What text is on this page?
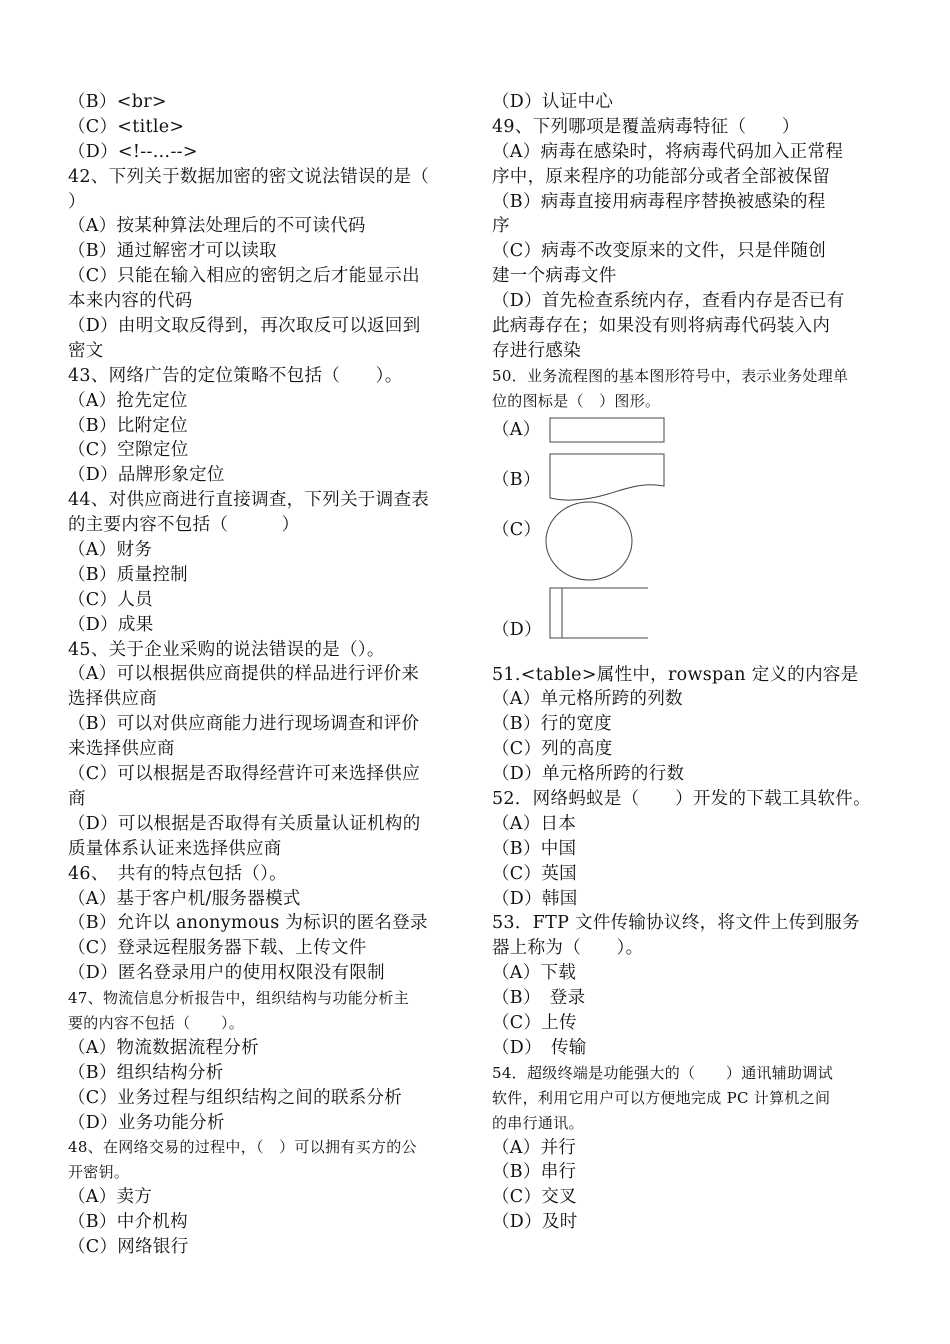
（B）<br>
（C）<title>
（D）<!--…-->
42、下列关于数据加密的密文说法错误的是（
）
（A）按某种算法处理后的不可读代码
（B）通过解密才可以读取
（C）只能在输入相应的密钥之后才能显示出
本来内容的代码
（D）由明文取反得到，再次取反可以返回到
密文
43、网络广告的定位策略不包括（　　）。
（A）抢先定位
（B）比附定位
（C）空隙定位
（D）品牌形象定位
44、对供应商进行直接调查，下列关于调查表
的主要内容不包括（　　　）
（A）财务
（B）质量控制
（C）人员
（D）成果
45、关于企业采购的说法错误的是（）。
（A）可以根据供应商提供的样品进行评价来
选择供应商
（B）可以对供应商能力进行现场调查和评价
来选择供应商
（C）可以根据是否取得经营许可来选择供应
商
（D）可以根据是否取得有关质量认证机构的
质量体系认证来选择供应商
46、　共有的特点包括（）。
（A）基于客户机/服务器模式
（B）允许以 anonymous 为标识的匿名登录
（C）登录远程服务器下载、上传文件
（D）匿名登录用户的使用权限没有限制
47、物流信息分析报告中，组织结构与功能分析主
要的内容不包括（　　）。
（A）物流数据流程分析
（B）组织结构分析
（C）业务过程与组织结构之间的联系分析
（D）业务功能分析
48、在网络交易的过程中，（　）可以拥有买方的公
开密钥。
（A）卖方
（B）中介机构
（C）网络银行
（D）认证中心
49、下列哪项是覆盖病毒特征（　　）
（A）病毒在感染时，将病毒代码加入正常程
序中，原来程序的功能部分或者全部被保留
（B）病毒直接用病毒程序替换被感染的程
序
（C）病毒不改变原来的文件，只是伴随创
建一个病毒文件
（D）首先检查系统内存，查看内存是否已有
此病毒存在；如果没有则将病毒代码装入内
存进行感染
50．业务流程图的基本图形符号中，表示业务处理单
位的图标是（　）图形。
（A）
（B）
（C）
（D）
51.<table>属性中，rowspan 定义的内容是
（A）单元格所跨的列数
（B）行的宽度
（C）列的高度
（D）单元格所跨的行数
52．网络蚂蚁是（　　）开发的下载工具软件。
（A）日本
（B）中国
（C）英国
（D）韩国
53．FTP 文件传输协议终，将文件上传到服务
器上称为（　　）。
（A）下载
（B）　登录
（C）上传
（D）　传输
54．超级终端是功能强大的（　　）通讯辅助调试
软件，利用它用户可以方便地完成 PC 计算机之间
的串行通讯。
（A）并行
（B）串行
（C）交叉
（D）及时
